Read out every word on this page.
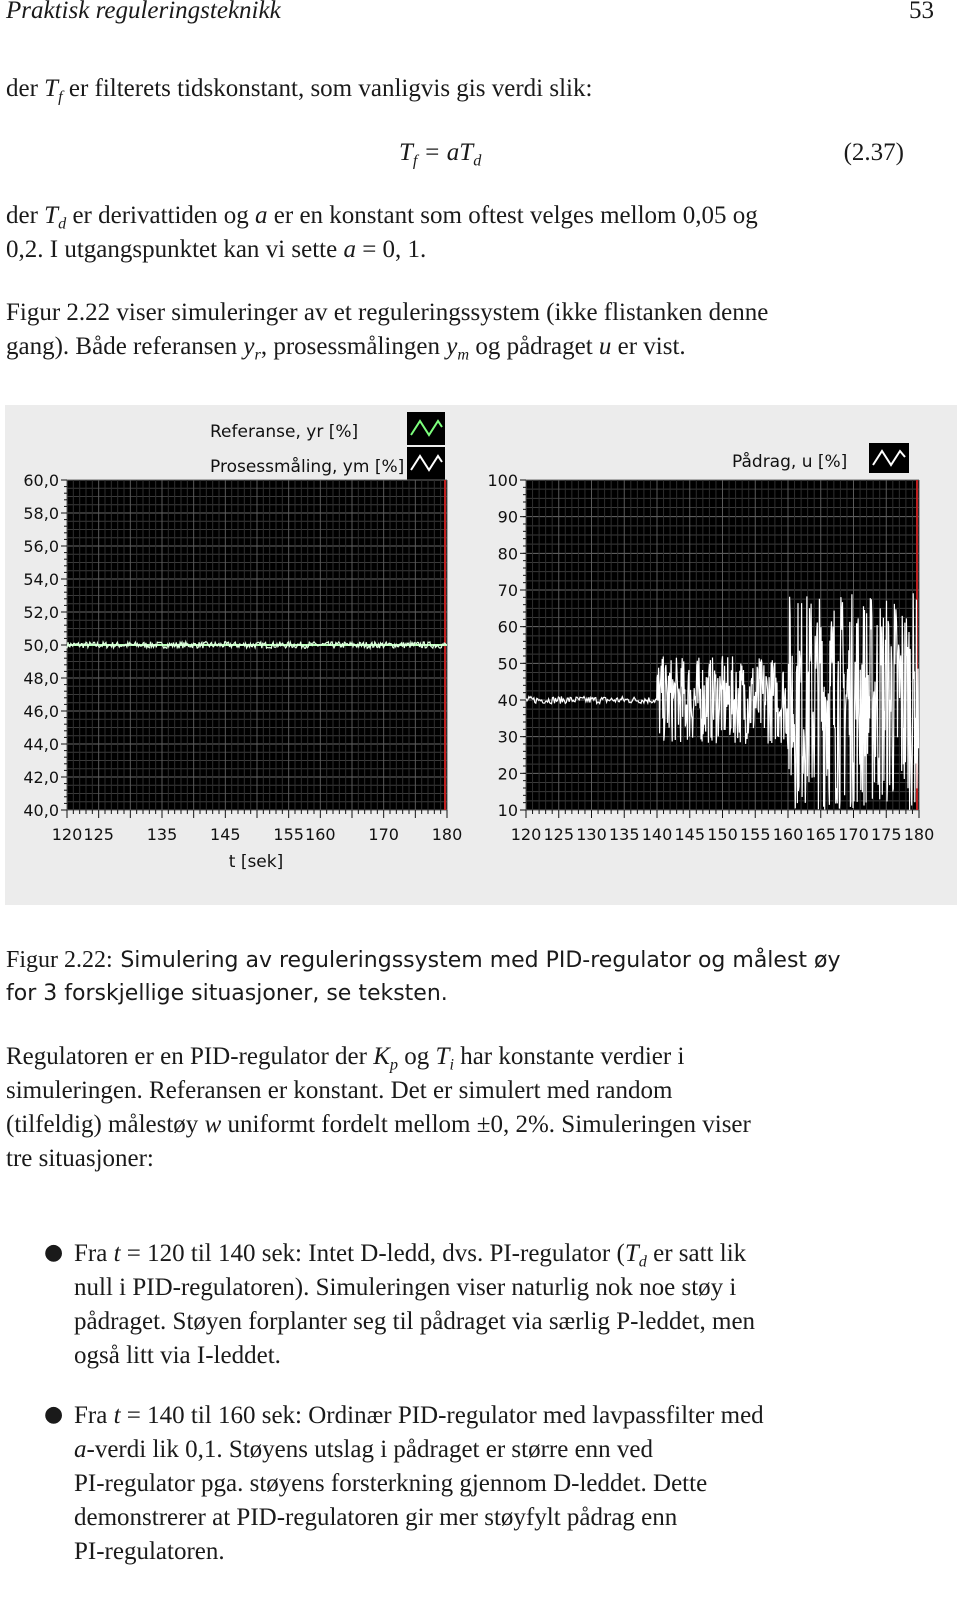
Praktisk reguleringsteknikk	53
der $T_f$ er filterets tidskonstant, som vanligvis gis verdi slik:
$T_f = aT_d$	(2.37)
der $T_d$ er derivattiden og a er en konstant som oftest velges mellom 0,05 og
0,2. I utgangspunktet kan vi sette a = 0, 1.
Figur 2.22 viser simuleringer av et reguleringssystem (ikke flistanken denne
gang). Både referansen $y_r$, prosessmålingen $y_m$ og pådraget u er vist.
Referanse, yr [%]
Prosessmåling, ym [%]	Pådrag, u [%]
60,0
58,0
56,0
54,0
52,0
50,0
48,0
46,0
44,0
42,0
40,0
120 125 135 145 155 160 170 180
100
90
80
70
60
50
40
30
20
10
120 125 130 135 140 145 150 155 160 165 170 175 180
t [sek]
Figur 2.22: Simulering av reguleringssystem med PID-regulator og målest øy
for 3 forskjellige situasjoner, se teksten.
Regulatoren er en PID-regulator der $K_p$ og $T_i$ har konstante verdier i
simuleringen. Referansen er konstant. Det er simulert med random
(tilfeldig) målestøy w uniformt fordelt mellom ±0, 2%. Simuleringen viser
tre situasjoner:
● Fra t = 120 til 140 sek: Intet D-ledd, dvs. PI-regulator ($T_d$ er satt lik
null i PID-regulatoren). Simuleringen viser naturlig nok noe støy i
pådraget. Støyen forplanter seg til pådraget via særlig P-leddet, men
også litt via I-leddet.
● Fra t = 140 til 160 sek: Ordinær PID-regulator med lavpassfilter med
a-verdi lik 0,1. Støyens utslag i pådraget er større enn ved
PI-regulator pga. støyens forsterkning gjennom D-leddet. Dette
demonstrerer at PID-regulatoren gir mer støyfylt pådrag enn
PI-regulatoren.
